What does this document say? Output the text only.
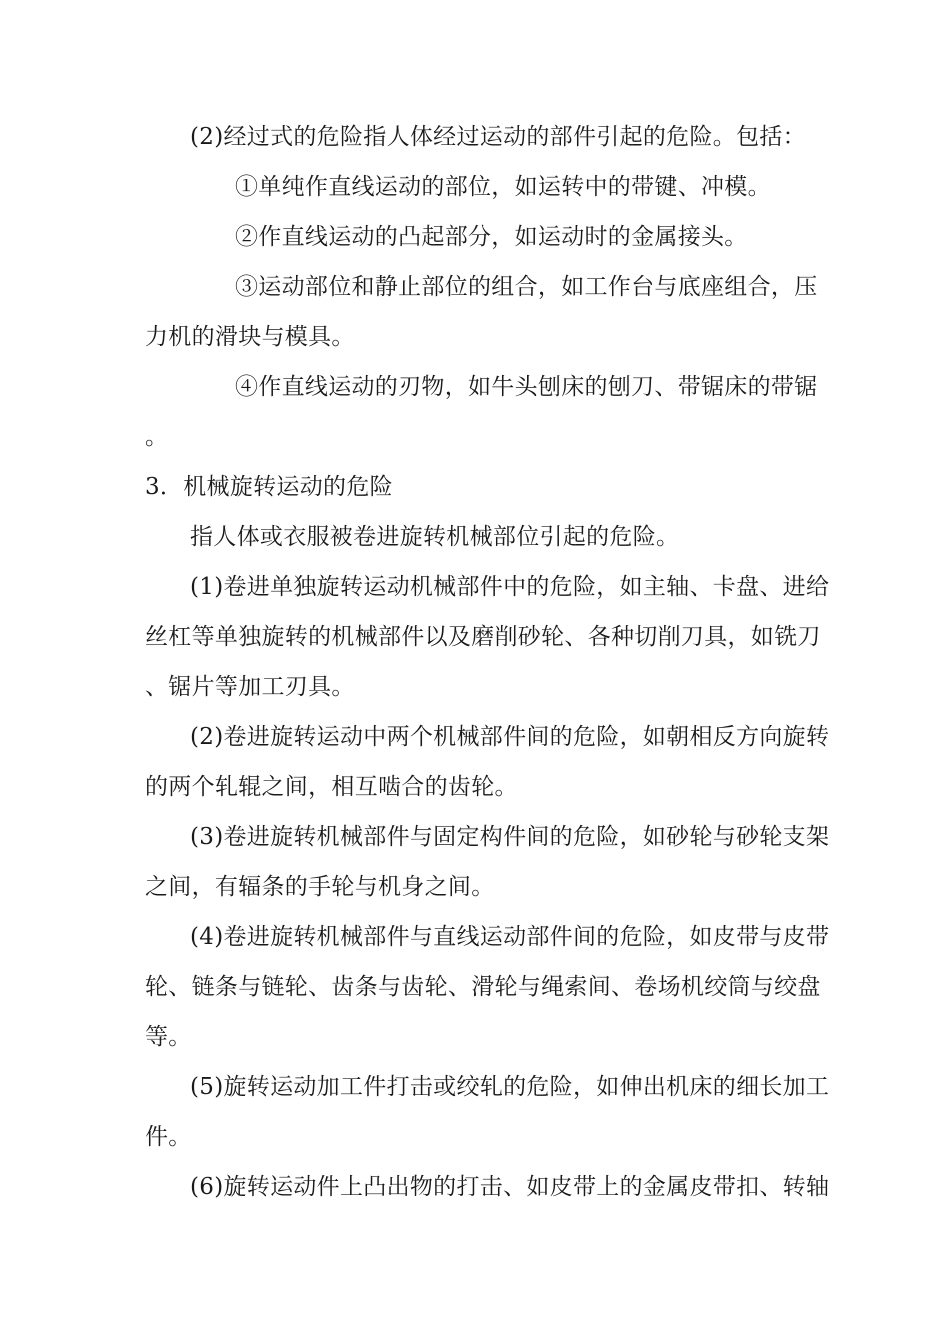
(2)经过式的危险指人体经过运动的部件引起的危险。包括：
①单纯作直线运动的部位，如运转中的带键、冲模。
②作直线运动的凸起部分，如运动时的金属接头。
③运动部位和静止部位的组合，如工作台与底座组合，压
力机的滑块与模具。
④作直线运动的刃物，如牛头刨床的刨刀、带锯床的带锯
。
3．机械旋转运动的危险
指人体或衣服被卷进旋转机械部位引起的危险。
(1)卷进单独旋转运动机械部件中的危险，如主轴、卡盘、进给
丝杠等单独旋转的机械部件以及磨削砂轮、各种切削刀具，如铣刀
、锯片等加工刃具。
(2)卷进旋转运动中两个机械部件间的危险，如朝相反方向旋转
的两个轧辊之间，相互啮合的齿轮。
(3)卷进旋转机械部件与固定构件间的危险，如砂轮与砂轮支架
之间，有辐条的手轮与机身之间。
(4)卷进旋转机械部件与直线运动部件间的危险，如皮带与皮带
轮、链条与链轮、齿条与齿轮、滑轮与绳索间、卷场机绞筒与绞盘
等。
(5)旋转运动加工件打击或绞轧的危险，如伸出机床的细长加工
件。
(6)旋转运动件上凸出物的打击、如皮带上的金属皮带扣、转轴
